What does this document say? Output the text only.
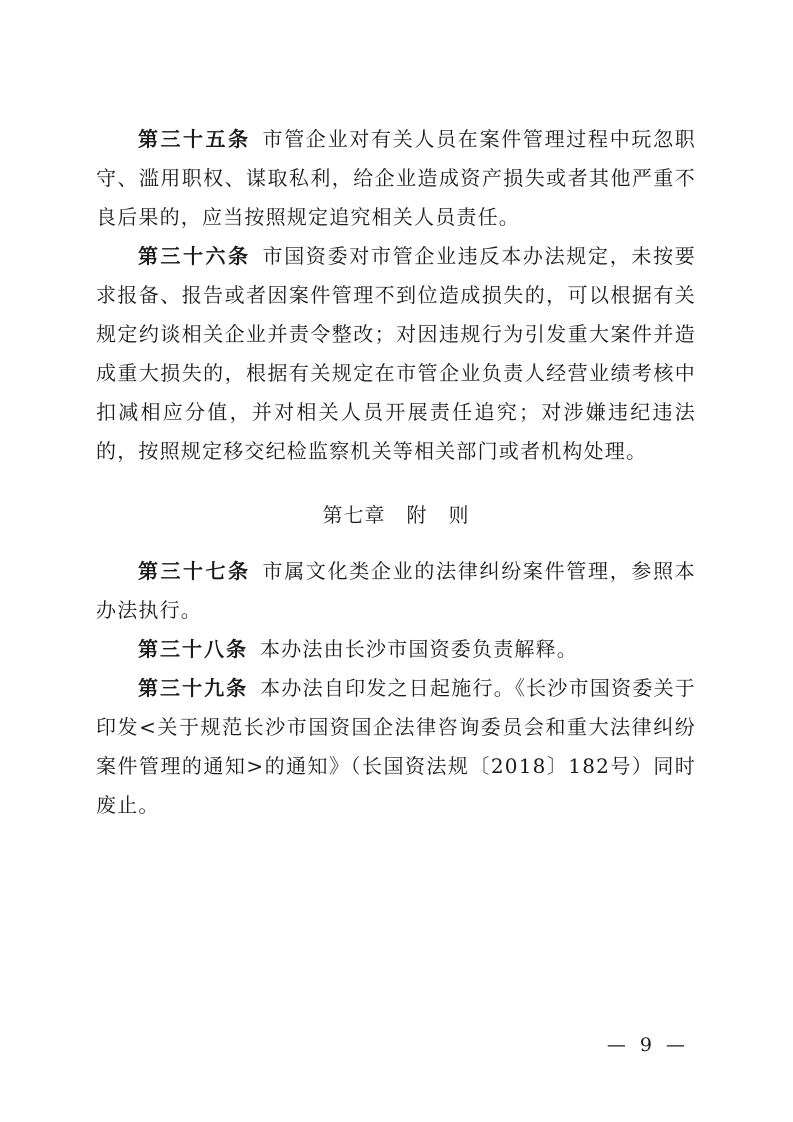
第三十五条 市管企业对有关人员在案件管理过程中玩忽职守、滥用职权、谋取私利，给企业造成资产损失或者其他严重不良后果的，应当按照规定追究相关人员责任。

第三十六条 市国资委对市管企业违反本办法规定，未按要求报备、报告或者因案件管理不到位造成损失的，可以根据有关规定约谈相关企业并责令整改；对因违规行为引发重大案件并造成重大损失的，根据有关规定在市管企业负责人经营业绩考核中扣减相应分值，并对相关人员开展责任追究；对涉嫌违纪违法的，按照规定移交纪检监察机关等相关部门或者机构处理。

第七章　附　则

第三十七条 市属文化类企业的法律纠纷案件管理，参照本办法执行。

第三十八条 本办法由长沙市国资委负责解释。

第三十九条 本办法自印发之日起施行。《长沙市国资委关于印发<关于规范长沙市国资国企法律咨询委员会和重大法律纠纷案件管理的通知>的通知》（长国资法规〔2018〕182号）同时废止。

— 9 —
